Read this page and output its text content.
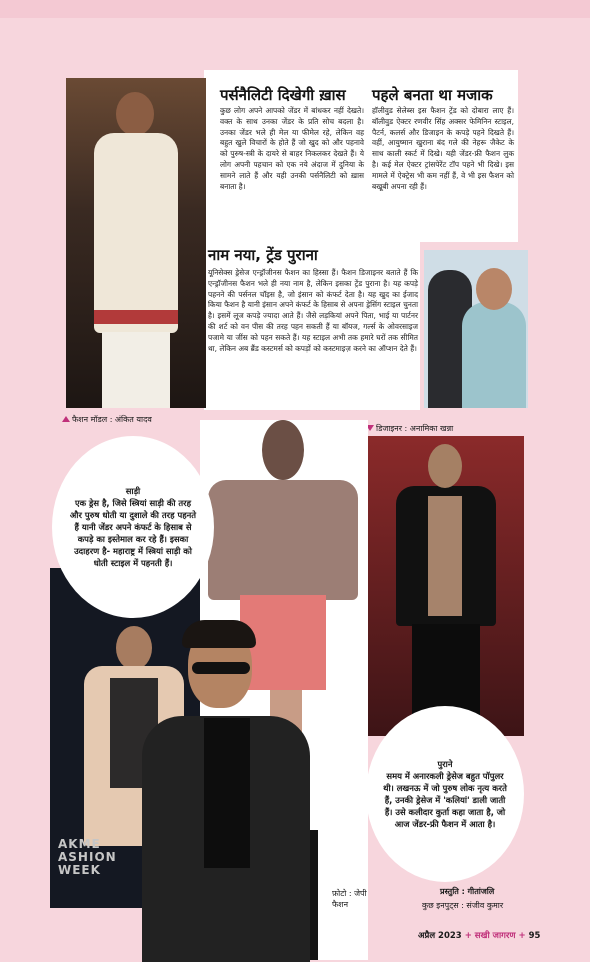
पर्सनैलिटी दिखेगी ख़ास
कुछ लोग अपने आपको जेंडर में बांधकर नहीं देखते। वक्त के साथ उनका जेंडर के प्रति सोच बदला है। उनका जेंडर भले ही मेल या फीमेल रहे, लेकिन वह बहुत खुले विचारों के होते हैं जो खुद को और पहनावे को पुरुष-स्त्री के दायरे से बाहर निकलकर देखते हैं। ये लोग अपनी पहचान को एक नये अंदाज में दुनिया के सामने लाते हैं और यही उनकी पर्सनैलिटी को ख़ास बनाता है।
पहले बनता था मजाक
हॉलीवुड सेलेब्स इस फैशन ट्रेंड को दोबारा लाए हैं। बॉलीवुड ऐक्टर रणवीर सिंह अक्सर फेमिनिन स्टाइल, पैटर्न, कलर्स और डिजाइन के कपड़े पहने दिखते हैं। वहीं, आयुष्मान खुराना बंद गले की नेहरू जैकेट के साथ काली स्कर्ट में दिखे। यही जेंडर-फ्री फैशन लुक है। कई मेल ऐक्टर ट्रांसपेरेंट टॉप पहने भी दिखे। इस मामले में ऐक्ट्रेस भी कम नहीं हैं, वे भी इस फैशन को बखूबी अपना रही हैं।
नाम नया, ट्रेंड पुराना
यूनिसेक्स ड्रेसेज एन्ड्रॉजीनस फैशन का हिस्सा हैं। फैशन डिजाइनर बताते हैं कि एन्ड्रॉजीनस फैशन भले ही नया नाम है, लेकिन इसका ट्रेंड पुराना है। यह कपड़े पहनने की पर्सनल चॉइस है, जो इंसान को कंफर्ट देता है। यह खुद का ईजाद किया फैशन है यानी इंसान अपने कंफर्ट के हिसाब से अपना ड्रेसिंग स्टाइल चुनता है। इसमें लूज कपड़े ज्यादा आते हैं। जैसे लड़कियां अपने पिता, भाई या पार्टनर की शर्ट को वन पीस की तरह पहन सकती हैं या बॉयज, गर्ल्स के ओवरसाइज पजामे या जींस को पहन सकते हैं। यह स्टाइल अभी तक हमारे घरों तक सीमित था, लेकिन अब ब्रैंड कस्टमर्स को कपड़ों को कस्टमाइज़ करने का ऑप्शन देते हैं।
फैशन मॉडल : अंकित यादव
डिजाइनर : अनामिका खन्ना
AKME
ASHION
WEEK
साड़ी
एक ड्रेस है, जिसे स्त्रियां साड़ी की तरह और पुरुष धोती या दुशाले की तरह पहनते हैं यानी जेंडर अपने कंफर्ट के हिसाब से कपड़े का इस्तेमाल कर रहे हैं। इसका उदाहरण है- महाराष्ट्र में स्त्रियां साड़ी को धोती स्टाइल में पहनती हैं।
पुराने
समय में अनारकली ड्रेसेज बहुत पॉपुलर थी। लखनऊ में जो पुरुष लोक नृत्य करते हैं, उनकी ड्रेसेज में 'कलियां' डाली जाती हैं। उसे कलीदार कुर्ता कहा जाता है, जो आज जेंडर-फ्री फैशन में आता है।
फ़ोटो : जेपी फैशन
प्रस्तुति : गीतांजलि
कुछ इनपुट्स : संजीव कुमार
अप्रैल 2023 + सखी जागरण + 95
